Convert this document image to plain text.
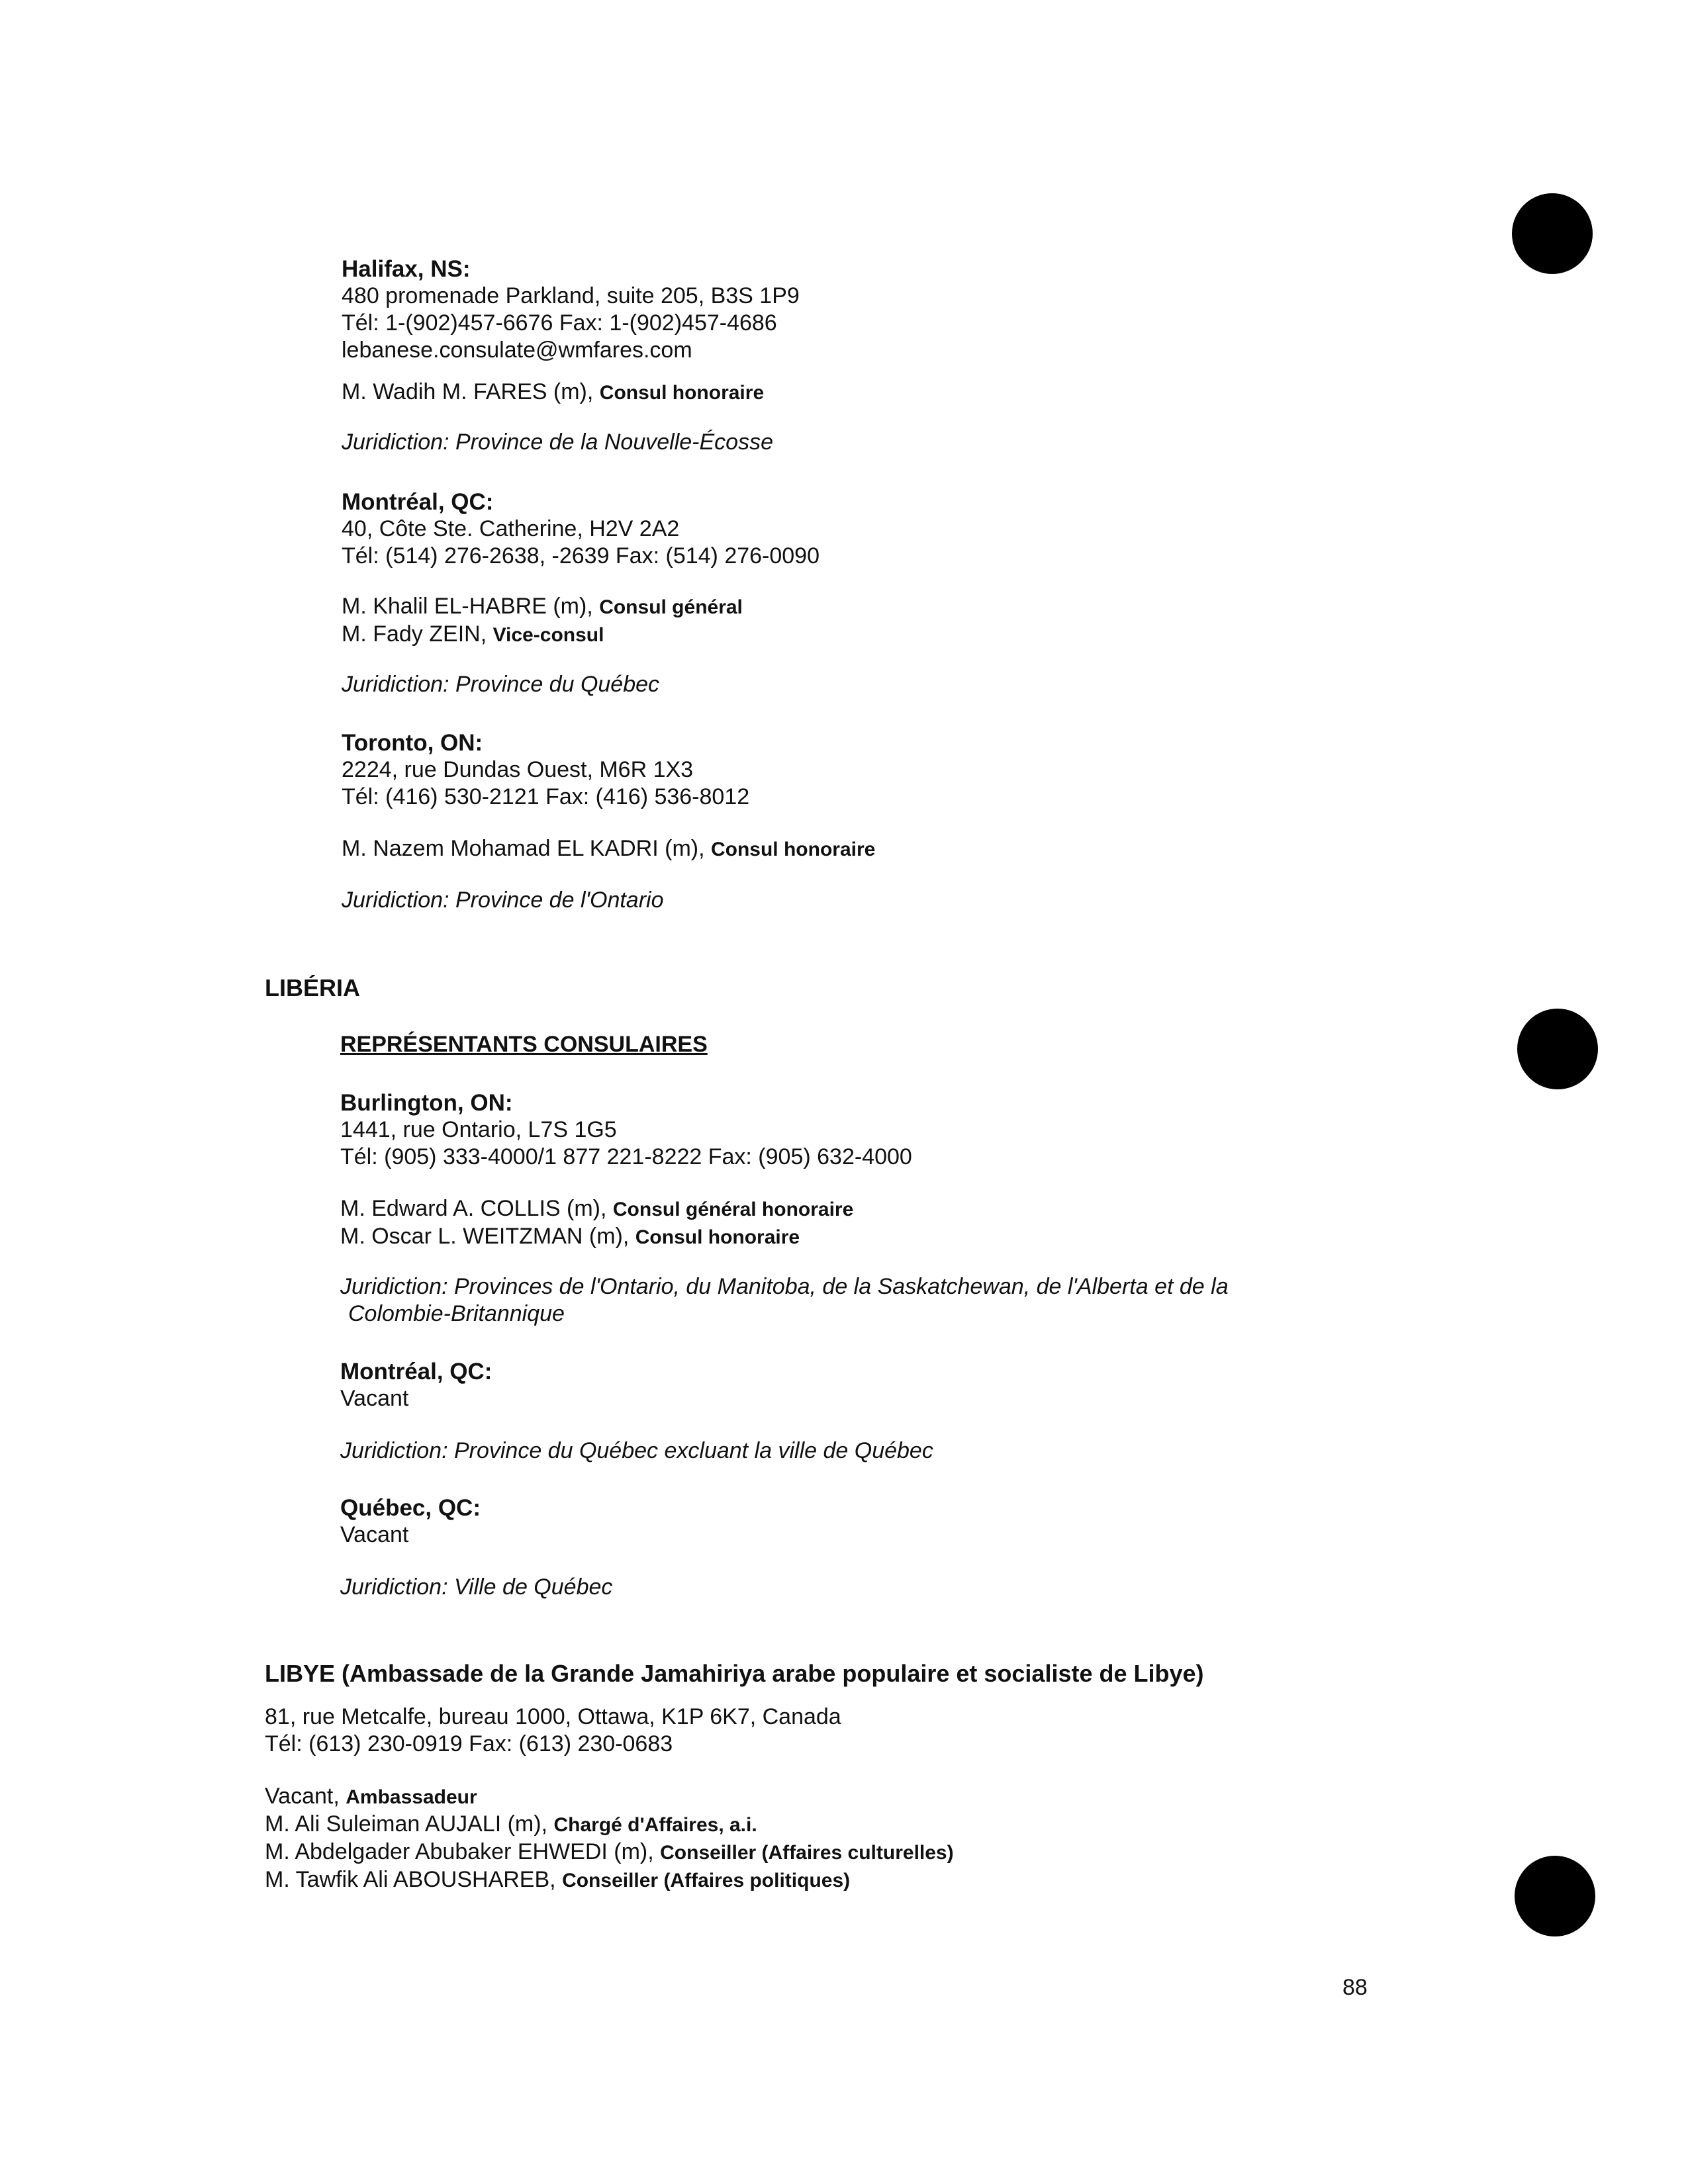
Halifax, NS:
480 promenade Parkland, suite 205, B3S 1P9
Tél: 1-(902)457-6676 Fax: 1-(902)457-4686
lebanese.consulate@wmfares.com
M. Wadih M. FARES (m), Consul honoraire
Juridiction: Province de la Nouvelle-Écosse
Montréal, QC:
40, Côte Ste. Catherine, H2V 2A2
Tél: (514) 276-2638, -2639 Fax: (514) 276-0090
M. Khalil EL-HABRE (m), Consul général
M. Fady ZEIN, Vice-consul
Juridiction: Province du Québec
Toronto, ON:
2224, rue Dundas Ouest, M6R 1X3
Tél: (416) 530-2121 Fax: (416) 536-8012
M. Nazem Mohamad EL KADRI (m), Consul honoraire
Juridiction: Province de l'Ontario
LIBÉRIA
REPRÉSENTANTS CONSULAIRES
Burlington, ON:
1441, rue Ontario, L7S 1G5
Tél: (905) 333-4000/1 877 221-8222 Fax: (905) 632-4000
M. Edward A. COLLIS (m), Consul général honoraire
M. Oscar L. WEITZMAN (m), Consul honoraire
Juridiction: Provinces de l'Ontario, du Manitoba, de la Saskatchewan, de l'Alberta et de la
Colombie-Britannique
Montréal, QC:
Vacant
Juridiction: Province du Québec excluant la ville de Québec
Québec, QC:
Vacant
Juridiction: Ville de Québec
LIBYE (Ambassade de la Grande Jamahiriya arabe populaire et socialiste de Libye)
81, rue Metcalfe, bureau 1000, Ottawa, K1P 6K7, Canada
Tél: (613) 230-0919 Fax: (613) 230-0683
Vacant, Ambassadeur
M. Ali Suleiman AUJALI (m), Chargé d'Affaires, a.i.
M. Abdelgader Abubaker EHWEDI (m), Conseiller (Affaires culturelles)
M. Tawfik Ali ABOUSHAREB, Conseiller (Affaires politiques)
88
